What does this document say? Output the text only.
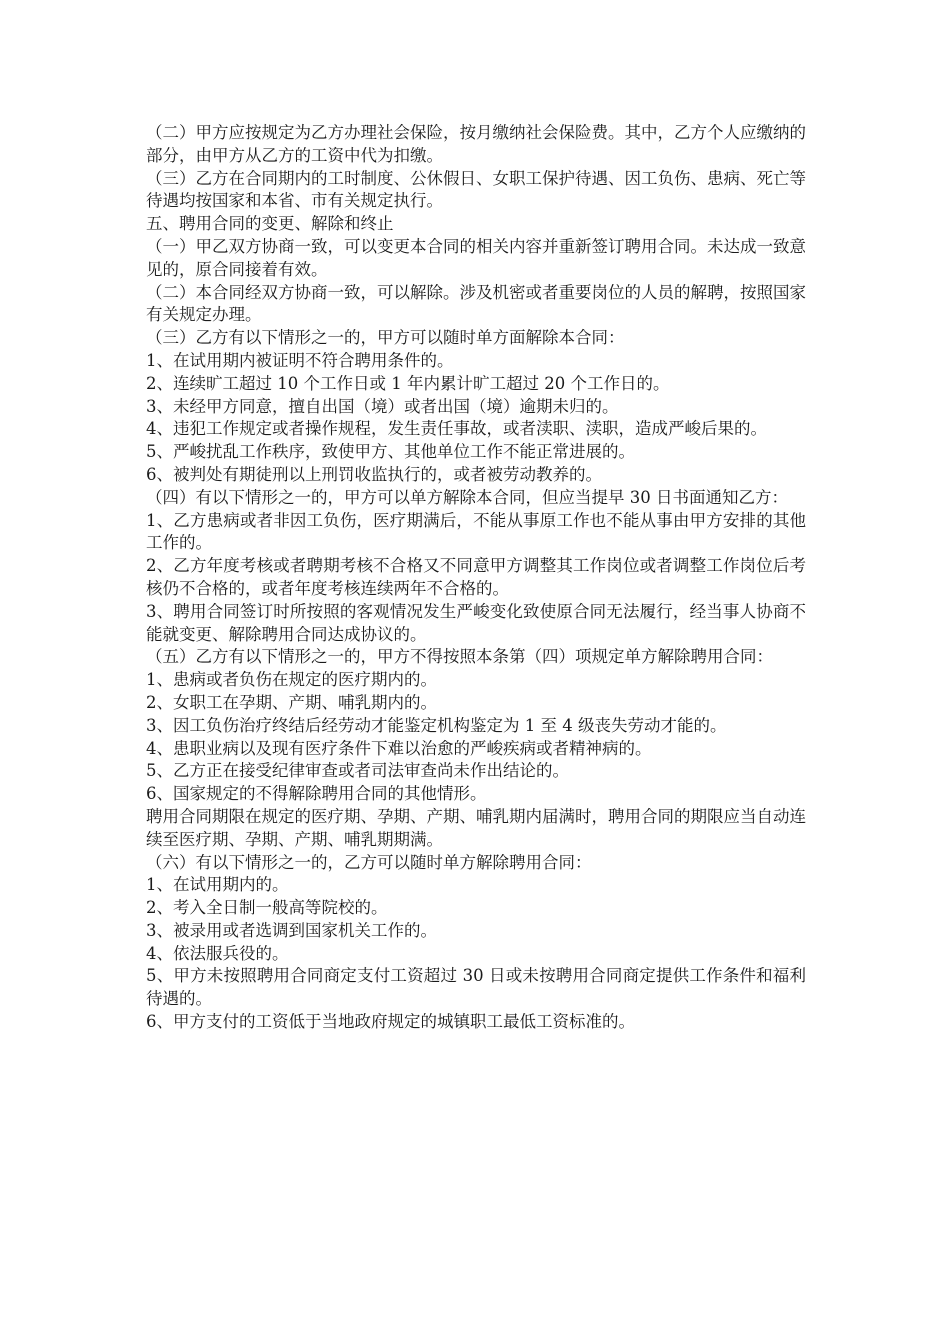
（二）甲方应按规定为乙方办理社会保险，按月缴纳社会保险费。其中，乙方个人应缴纳的部分，由甲方从乙方的工资中代为扣缴。

（三）乙方在合同期内的工时制度、公休假日、女职工保护待遇、因工负伤、患病、死亡等待遇均按国家和本省、市有关规定执行。

五、聘用合同的变更、解除和终止

（一）甲乙双方协商一致，可以变更本合同的相关内容并重新签订聘用合同。未达成一致意见的，原合同接着有效。

（二）本合同经双方协商一致，可以解除。涉及机密或者重要岗位的人员的解聘，按照国家有关规定办理。

（三）乙方有以下情形之一的，甲方可以随时单方面解除本合同：

1、在试用期内被证明不符合聘用条件的。

2、连续旷工超过 10 个工作日或 1 年内累计旷工超过 20 个工作日的。

3、未经甲方同意，擅自出国（境）或者出国（境）逾期未归的。

4、违犯工作规定或者操作规程，发生责任事故，或者渎职、渎职，造成严峻后果的。

5、严峻扰乱工作秩序，致使甲方、其他单位工作不能正常进展的。

6、被判处有期徒刑以上刑罚收监执行的，或者被劳动教养的。

（四）有以下情形之一的，甲方可以单方解除本合同，但应当提早 30 日书面通知乙方：

1、乙方患病或者非因工负伤，医疗期满后，不能从事原工作也不能从事由甲方安排的其他工作的。

2、乙方年度考核或者聘期考核不合格又不同意甲方调整其工作岗位或者调整工作岗位后考核仍不合格的，或者年度考核连续两年不合格的。

3、聘用合同签订时所按照的客观情况发生严峻变化致使原合同无法履行，经当事人协商不能就变更、解除聘用合同达成协议的。

（五）乙方有以下情形之一的，甲方不得按照本条第（四）项规定单方解除聘用合同：

1、患病或者负伤在规定的医疗期内的。

2、女职工在孕期、产期、哺乳期内的。

3、因工负伤治疗终结后经劳动才能鉴定机构鉴定为 1 至 4 级丧失劳动才能的。

4、患职业病以及现有医疗条件下难以治愈的严峻疾病或者精神病的。

5、乙方正在接受纪律审查或者司法审查尚未作出结论的。

6、国家规定的不得解除聘用合同的其他情形。

聘用合同期限在规定的医疗期、孕期、产期、哺乳期内届满时，聘用合同的期限应当自动连续至医疗期、孕期、产期、哺乳期期满。

（六）有以下情形之一的，乙方可以随时单方解除聘用合同：

1、在试用期内的。

2、考入全日制一般高等院校的。

3、被录用或者选调到国家机关工作的。

4、依法服兵役的。

5、甲方未按照聘用合同商定支付工资超过 30 日或未按聘用合同商定提供工作条件和福利待遇的。

6、甲方支付的工资低于当地政府规定的城镇职工最低工资标准的。
